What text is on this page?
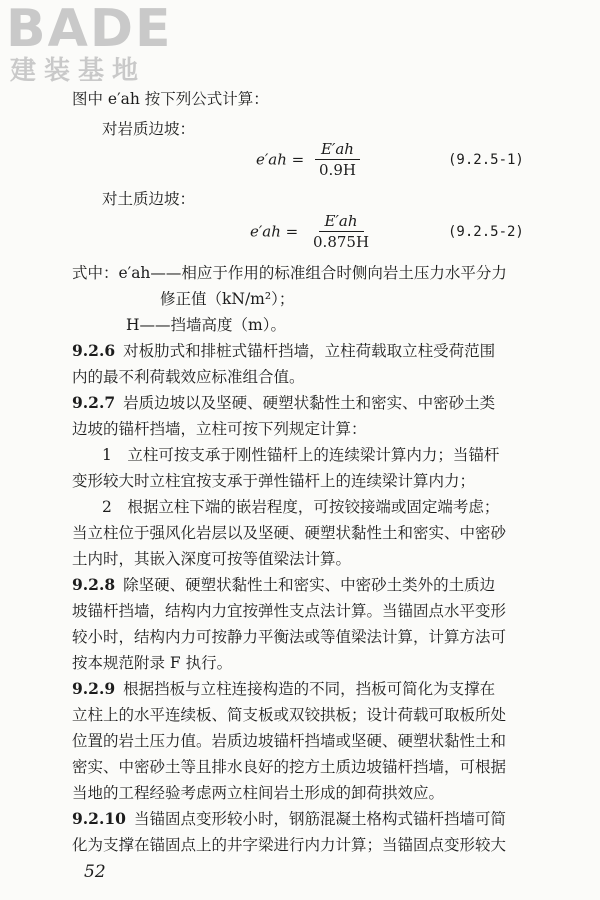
BADE
建装基地
图中 e′ah 按下列公式计算：
对岩质边坡：
$e'ah = \frac{E'ah}{0.9H}$	(9.2.5-1)
对土质边坡：
$e'ah = \frac{E'ah}{0.875H}$	(9.2.5-2)
式中：e′ah——相应于作用的标准组合时侧向岩土压力水平分力
修正值（kN/m²）；
H——挡墙高度（m）。
9.2.6 对板肋式和排桩式锚杆挡墙，立柱荷载取立柱受荷范围
内的最不利荷载效应标准组合值。
9.2.7 岩质边坡以及坚硬、硬塑状黏性土和密实、中密砂土类
边坡的锚杆挡墙，立柱可按下列规定计算：
1　立柱可按支承于刚性锚杆上的连续梁计算内力；当锚杆
变形较大时立柱宜按支承于弹性锚杆上的连续梁计算内力；
2　根据立柱下端的嵌岩程度，可按铰接端或固定端考虑；
当立柱位于强风化岩层以及坚硬、硬塑状黏性土和密实、中密砂
土内时，其嵌入深度可按等值梁法计算。
9.2.8 除坚硬、硬塑状黏性土和密实、中密砂土类外的土质边
坡锚杆挡墙，结构内力宜按弹性支点法计算。当锚固点水平变形
较小时，结构内力可按静力平衡法或等值梁法计算，计算方法可
按本规范附录 F 执行。
9.2.9 根据挡板与立柱连接构造的不同，挡板可简化为支撑在
立柱上的水平连续板、简支板或双铰拱板；设计荷载可取板所处
位置的岩土压力值。岩质边坡锚杆挡墙或坚硬、硬塑状黏性土和
密实、中密砂土等且排水良好的挖方土质边坡锚杆挡墙，可根据
当地的工程经验考虑两立柱间岩土形成的卸荷拱效应。
9.2.10 当锚固点变形较小时，钢筋混凝土格构式锚杆挡墙可简
化为支撑在锚固点上的井字梁进行内力计算；当锚固点变形较大
52
